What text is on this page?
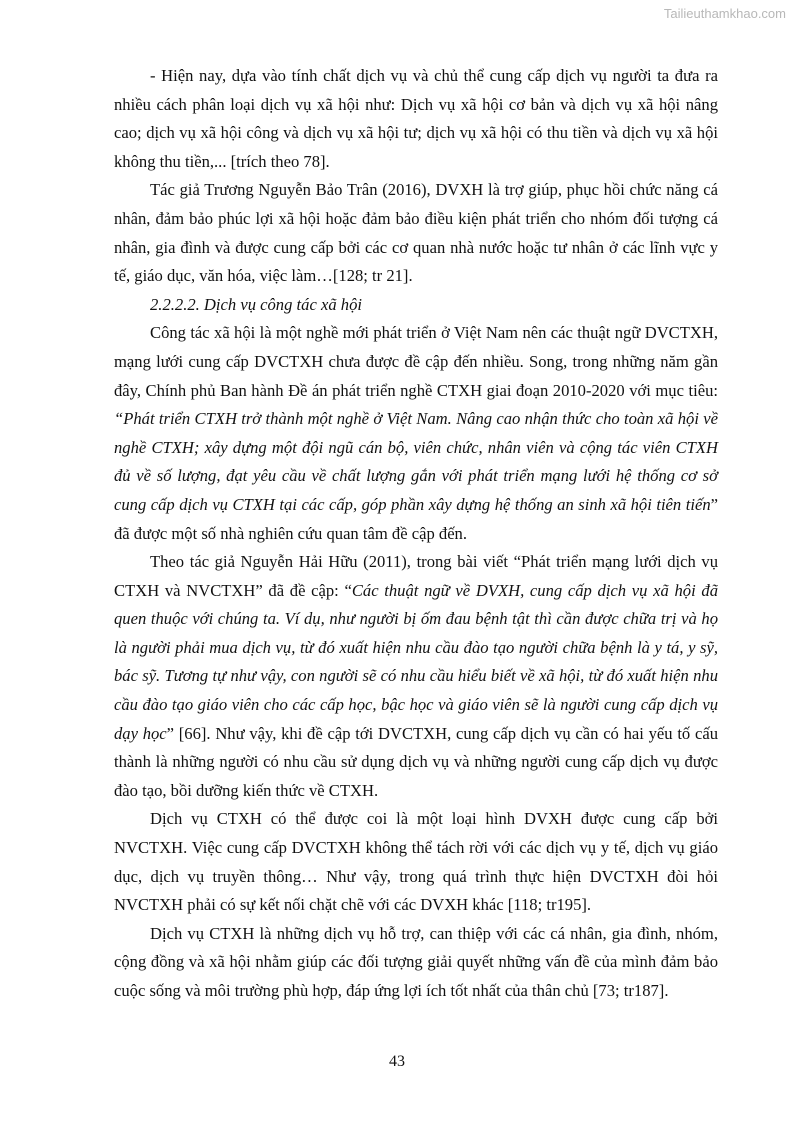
Tailieuthamkhao.com

- Hiện nay, dựa vào tính chất dịch vụ và chủ thể cung cấp dịch vụ người ta đưa ra nhiều cách phân loại dịch vụ xã hội như: Dịch vụ xã hội cơ bản và dịch vụ xã hội nâng cao; dịch vụ xã hội công và dịch vụ xã hội tư; dịch vụ xã hội có thu tiền và dịch vụ xã hội không thu tiền,... [trích theo 78].

Tác giả Trương Nguyễn Bảo Trân (2016), DVXH là trợ giúp, phục hồi chức năng cá nhân, đảm bảo phúc lợi xã hội hoặc đảm bảo điều kiện phát triển cho nhóm đối tượng cá nhân, gia đình và được cung cấp bởi các cơ quan nhà nước hoặc tư nhân ở các lĩnh vực y tế, giáo dục, văn hóa, việc làm…[128; tr 21].

2.2.2.2. Dịch vụ công tác xã hội

Công tác xã hội là một nghề mới phát triển ở Việt Nam nên các thuật ngữ DVCTXH, mạng lưới cung cấp DVCTXH chưa được đề cập đến nhiều. Song, trong những năm gần đây, Chính phủ Ban hành Đề án phát triển nghề CTXH giai đoạn 2010-2020 với mục tiêu: “Phát triển CTXH trở thành một nghề ở Việt Nam. Nâng cao nhận thức cho toàn xã hội về nghề CTXH; xây dựng một đội ngũ cán bộ, viên chức, nhân viên và cộng tác viên CTXH đủ về số lượng, đạt yêu cầu về chất lượng gắn với phát triển mạng lưới hệ thống cơ sở cung cấp dịch vụ CTXH tại các cấp, góp phần xây dựng hệ thống an sinh xã hội tiên tiến” đã được một số nhà nghiên cứu quan tâm đề cập đến.

Theo tác giả Nguyễn Hải Hữu (2011), trong bài viết “Phát triển mạng lưới dịch vụ CTXH và NVCTXH” đã đề cập: “Các thuật ngữ về DVXH, cung cấp dịch vụ xã hội đã quen thuộc với chúng ta. Ví dụ, như người bị ốm đau bệnh tật thì cần được chữa trị và họ là người phải mua dịch vụ, từ đó xuất hiện nhu cầu đào tạo người chữa bệnh là y tá, y sỹ, bác sỹ. Tương tự như vậy, con người sẽ có nhu cầu hiểu biết về xã hội, từ đó xuất hiện nhu cầu đào tạo giáo viên cho các cấp học, bậc học và giáo viên sẽ là người cung cấp dịch vụ dạy học” [66]. Như vậy, khi đề cập tới DVCTXH, cung cấp dịch vụ cần có hai yếu tố cấu thành là những người có nhu cầu sử dụng dịch vụ và những người cung cấp dịch vụ được đào tạo, bồi dưỡng kiến thức về CTXH.

Dịch vụ CTXH có thể được coi là một loại hình DVXH được cung cấp bởi NVCTXH. Việc cung cấp DVCTXH không thể tách rời với các dịch vụ y tế, dịch vụ giáo dục, dịch vụ truyền thông… Như vậy, trong quá trình thực hiện DVCTXH đòi hỏi NVCTXH phải có sự kết nối chặt chẽ với các DVXH khác [118; tr195].

Dịch vụ CTXH là những dịch vụ hỗ trợ, can thiệp với các cá nhân, gia đình, nhóm, cộng đồng và xã hội nhằm giúp các đối tượng giải quyết những vấn đề của mình đảm bảo cuộc sống và môi trường phù hợp, đáp ứng lợi ích tốt nhất của thân chủ [73; tr187].

43
